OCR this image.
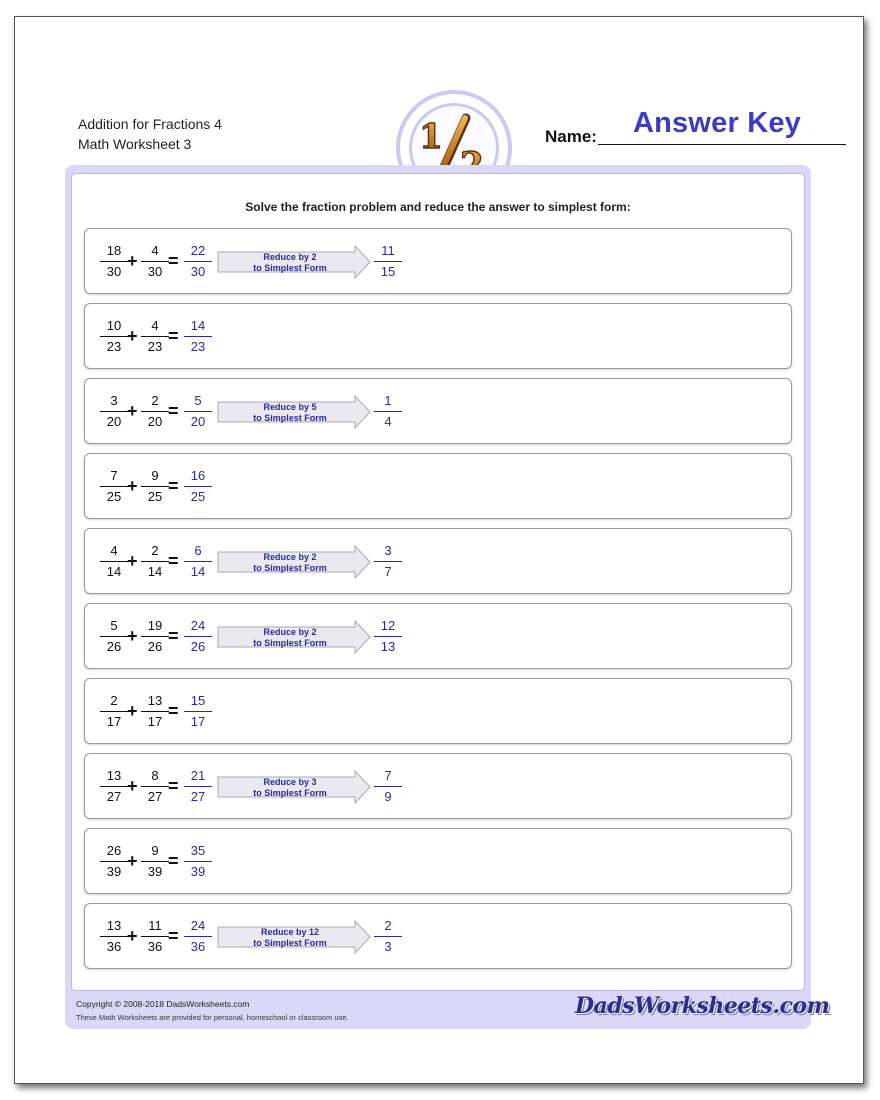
Addition for Fractions 4
Math Worksheet 3	1	Name:	Answer Key
Solve the fraction problem and reduce the answer to simplest form:
18
30
+
4
30
=
22
30
Reduce by 2
to Simplest Form
11
15
10
23
+
4
23
=
14
23
3
20
+
2
20
=
5
20
Reduce by 5
to Simplest Form
1
4
7
25
+
9
25
=
16
25
4
14
+
2
14
=
6
14
Reduce by 2
to Simplest Form
3
7
5
26
+
19
26
=
24
26
Reduce by 2
to Simplest Form
12
13
2
17
+
13
17
=
15
17
13
27
+
8
27
=
21
27
Reduce by 3
to Simplest Form
7
9
26
39
+
9
39
=
35
39
13
36
+
11
36
=
24
36
Reduce by 12
to Simplest Form
2
3
Copyright © 2008-2018 DadsWorksheets.com
These Math Worksheets are provided for personal, homeschool or classroom use.	DadsWorksheets.com
